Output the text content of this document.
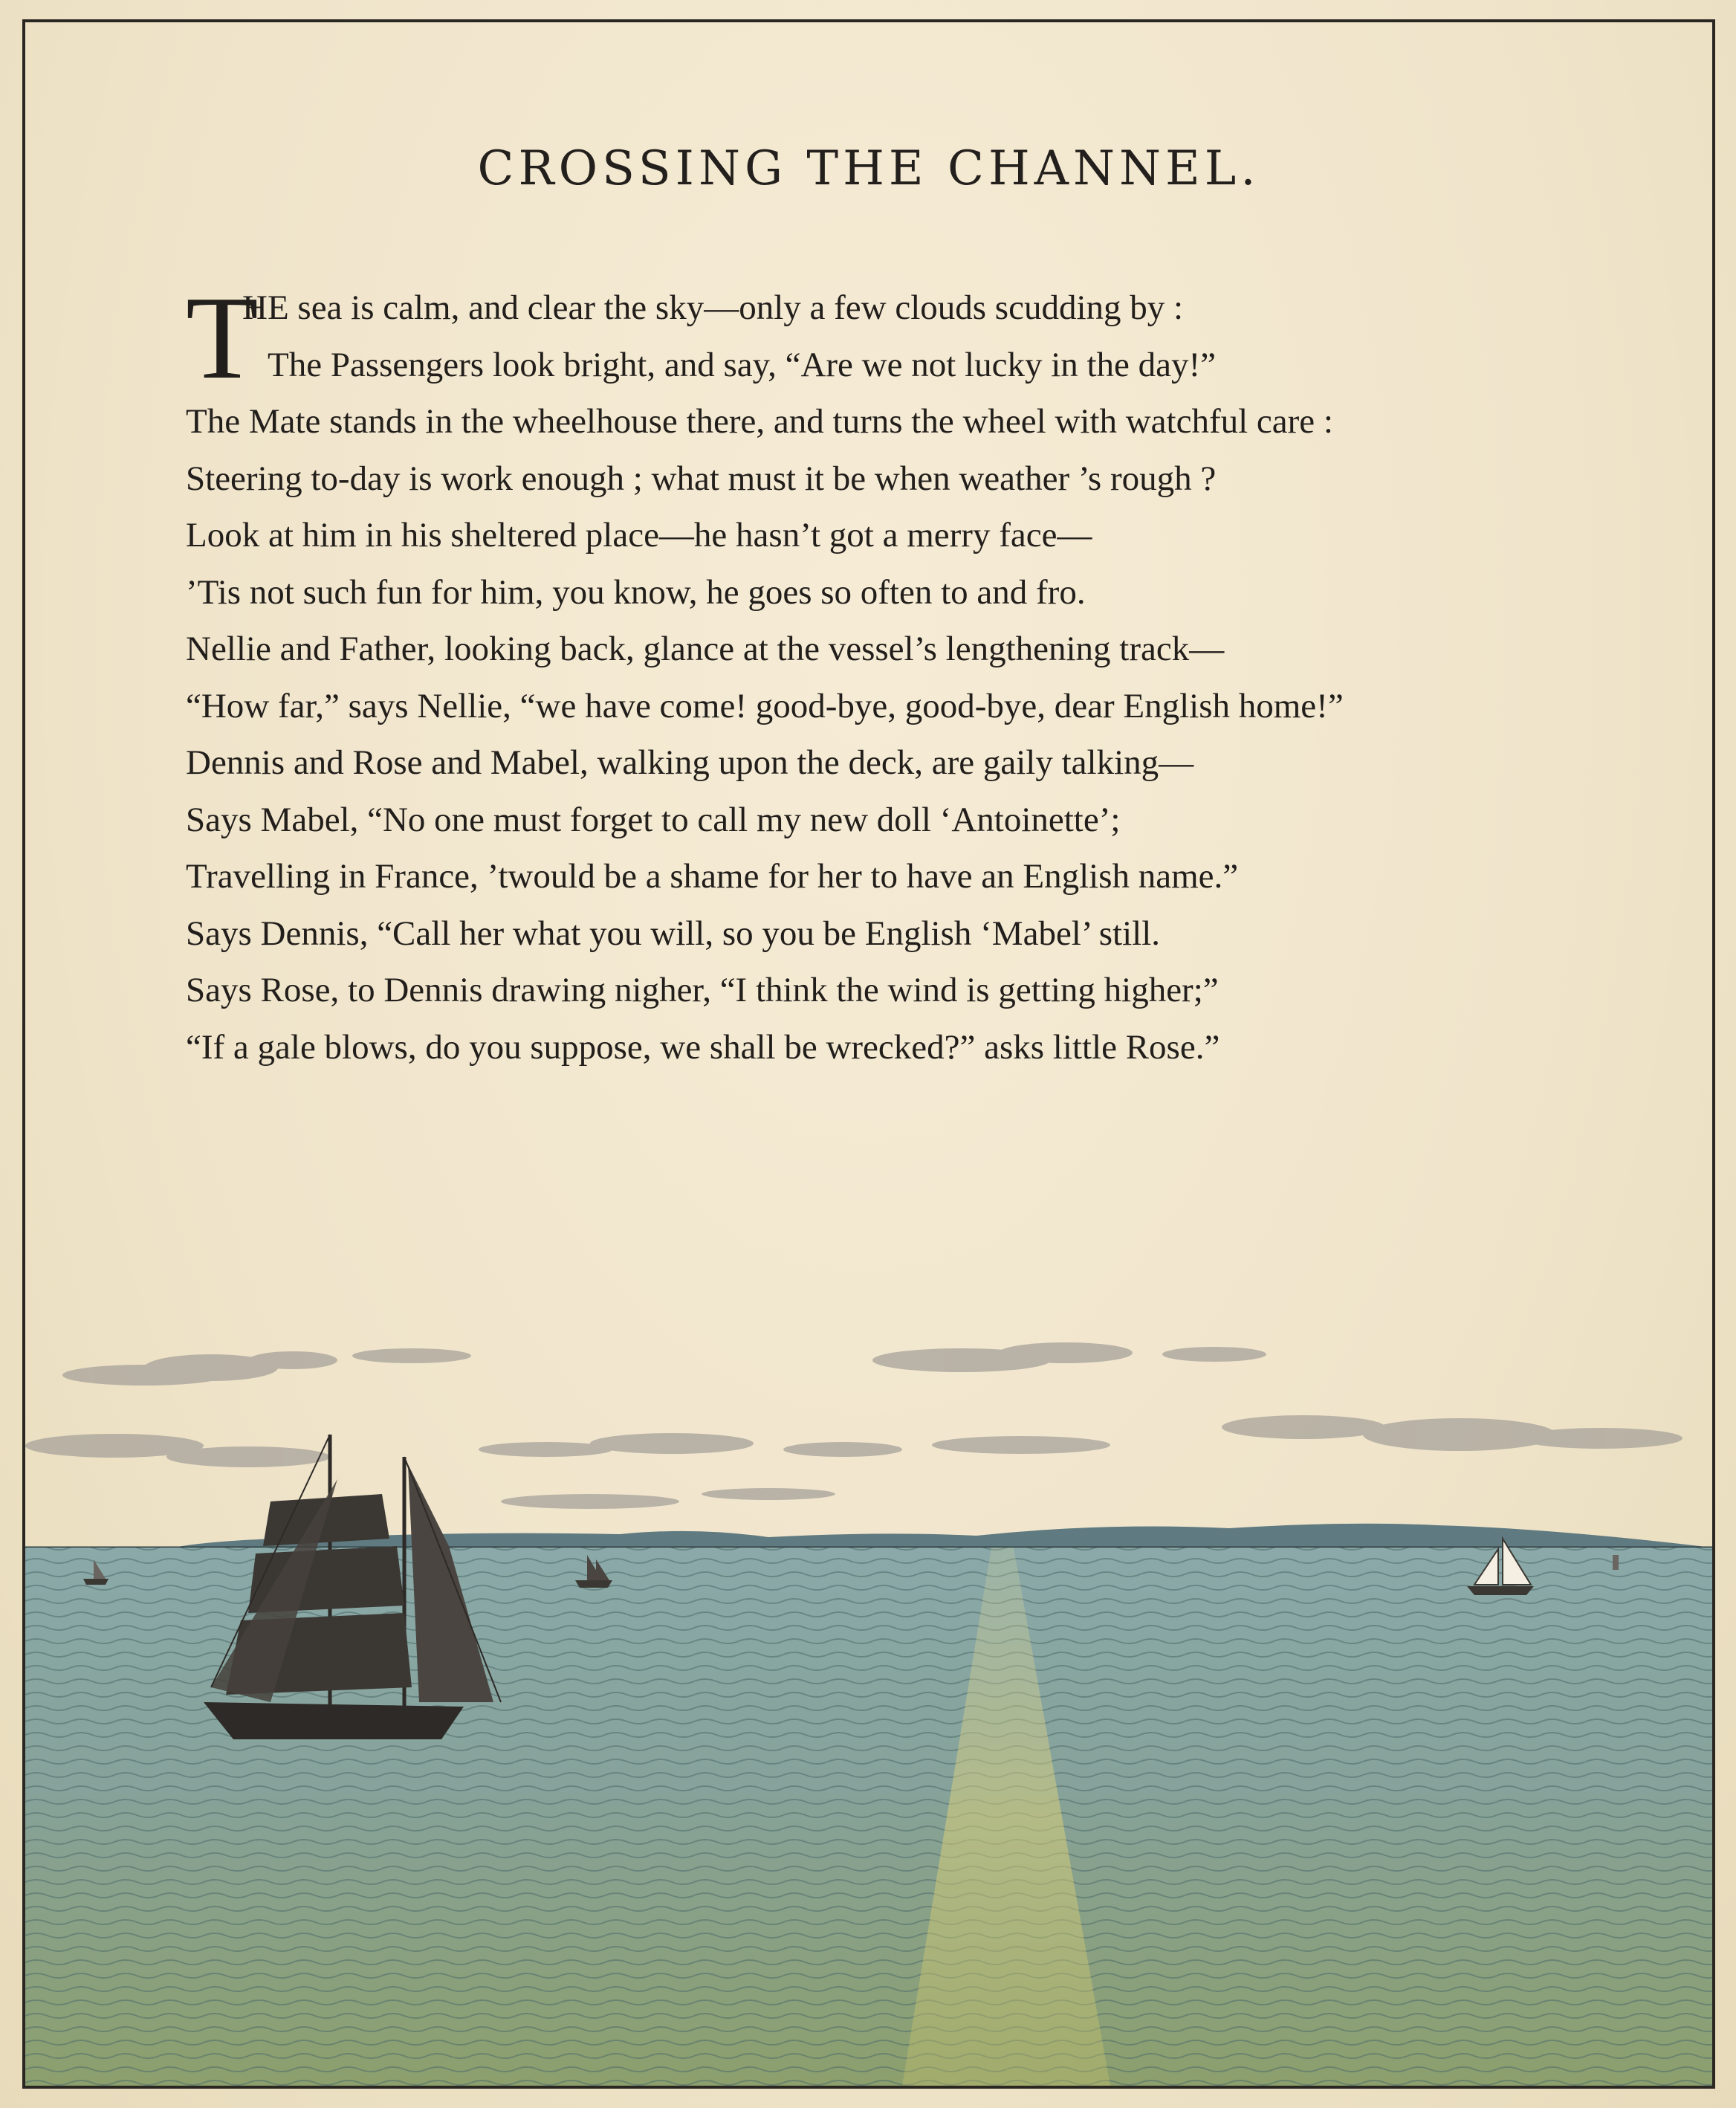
CROSSING THE CHANNEL.
T
HE sea is calm, and clear the sky—only a few clouds scudding by :
The Passengers look bright, and say, “Are we not lucky in the day!”
The Mate stands in the wheelhouse there, and turns the wheel with watchful care :
Steering to-day is work enough ; what must it be when weather ’s rough ?
Look at him in his sheltered place—he hasn’t got a merry face—
’Tis not such fun for him, you know, he goes so often to and fro.
Nellie and Father, looking back, glance at the vessel’s lengthening track—
“How far,” says Nellie, “we have come! good-bye, good-bye, dear English home!”
Dennis and Rose and Mabel, walking upon the deck, are gaily talking—
Says Mabel, “No one must forget to call my new doll ‘Antoinette’;
Travelling in France, ’twould be a shame for her to have an English name.”
Says Dennis, “Call her what you will, so you be English ‘Mabel’ still.
Says Rose, to Dennis drawing nigher, “I think the wind is getting higher;”
“If a gale blows, do you suppose, we shall be wrecked?” asks little Rose.”
